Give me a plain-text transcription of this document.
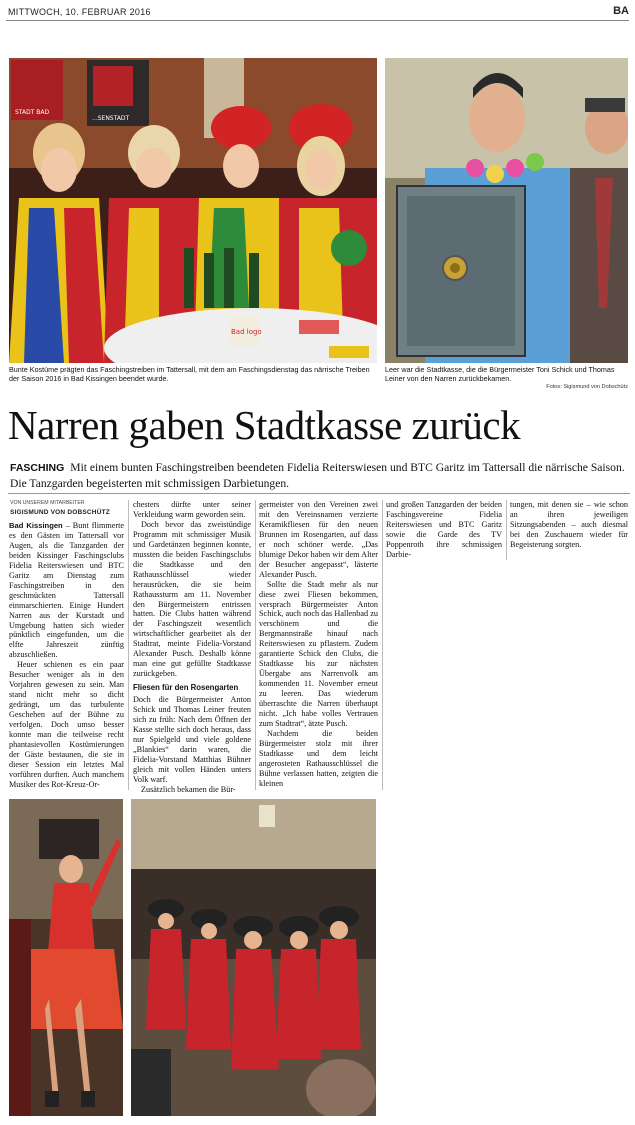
MITTWOCH, 10. FEBRUAR 2016	BA
STADT BAD
...SENSTADT
Bad logo
Bunte Kostüme prägten das Faschingstreiben im Tattersall, mit dem am Faschingsdienstag das närrische Treiben der Saison 2016 in Bad Kissingen beendet wurde.
Leer war die Stadtkasse, die die Bürgermeister Toni Schick und Thomas Leiner von den Narren zurückbekamen.
Fotos: Sigismund von Dobschütz
Narren gaben Stadtkasse zurück
FASCHING Mit einem bunten Faschingstreiben beendeten Fidelia Reiterswiesen und BTC Garitz im Tattersall die närrische Saison. Die Tanzgarden begeisterten mit schmissigen Darbietungen.
VON UNSEREM MITARBEITER
SIGISMUND VON DOBSCHÜTZ

Bad Kissingen – Bunt flimmerte es den Gästen im Tattersall vor Augen, als die Tanzgarden der beiden Kissinger Faschingsclubs Fidelia Reiterswiesen und BTC Garitz am Dienstag zum Faschingstreiben in den geschmückten Tattersall einmarschierten. Einige Hundert Narren aus der Kurstadt und Umgebung hatten sich wieder pünktlich eingefunden, um die elfte Jahreszeit zünftig abzuschließen.

Heuer schienen es ein paar Besucher weniger als in den Vorjahren gewesen zu sein. Man stand nicht mehr so dicht gedrängt, um das turbulente Geschehen auf der Bühne zu verfolgen. Doch umso besser konnte man die teilweise recht phantasievollen Kostümierungen der Gäste bestaunen, die sie in dieser Session ein letztes Mal vorführen durften. Auch manchem Musiker des Rot-Kreuz-Or-

chesters dürfte unter seiner Verkleidung warm geworden sein.

Doch bevor das zweistündige Programm mit schmissiger Musik und Gardetänzen beginnen konnte, mussten die beiden Faschingsclubs die Stadtkasse und den Rathausschlüssel wieder herausrücken, die sie beim Rathaussturm am 11. November den Bürgermeistern entrissen hatten. Die Clubs hatten während der Faschingszeit wesentlich wirtschaftlicher gearbeitet als der Stadtrat, meinte Fidelia-Vorstand Alexander Pusch. Deshalb könne man eine gut gefüllte Stadtkasse zurückgeben.

Fliesen für den Rosengarten

Doch die Bürgermeister Anton Schick und Thomas Leiner freuten sich zu früh: Nach dem Öffnen der Kasse stellte sich doch heraus, dass nur Spielgeld und viele goldene „Blankies“ darin waren, die Fidelia-Vorstand Matthias Bühner gleich mit vollen Händen unters Volk warf.

Zusätzlich bekamen die Bür-

germeister von den Vereinen zwei mit den Vereinsnamen verzierte Keramikfliesen für den neuen Brunnen im Rosengarten, auf dass er noch schöner werde. „Das blumige Dekor haben wir dem Alter der Besucher angepasst“, lästerte Alexander Pusch.

Sollte die Stadt mehr als nur diese zwei Fliesen bekommen, versprach Bürgermeister Anton Schick, auch noch das Hallenbad zu verschönern und die Bergmannstraße hinauf nach Reiterswiesen zu pflastern. Zudem garantierte Schick den Clubs, die Stadtkasse bis zur nächsten Übergabe ans Narrenvolk am kommenden 11. November erneut zu leeren. Das wiederum überraschte die Narren überhaupt nicht. „Ich habe volles Vertrauen zum Stadtrat“, ätzte Pusch.

Nachdem die beiden Bürgermeister stolz mit ihrer Stadtkasse und dem leicht angerosteten Rathausschlüssel die Bühne verlassen hatten, zeigten die kleinen

und großen Tanzgarden der beiden Faschingsvereine Fidelia Reiterswiesen und BTC Garitz sowie die Garde des TV Poppenroth ihre schmissigen Darbie-

tungen, mit denen sie – wie schon an ihren jeweiligen Sitzungsabenden – auch diesmal bei den Zuschauern wieder für Begeisterung sorgten.
